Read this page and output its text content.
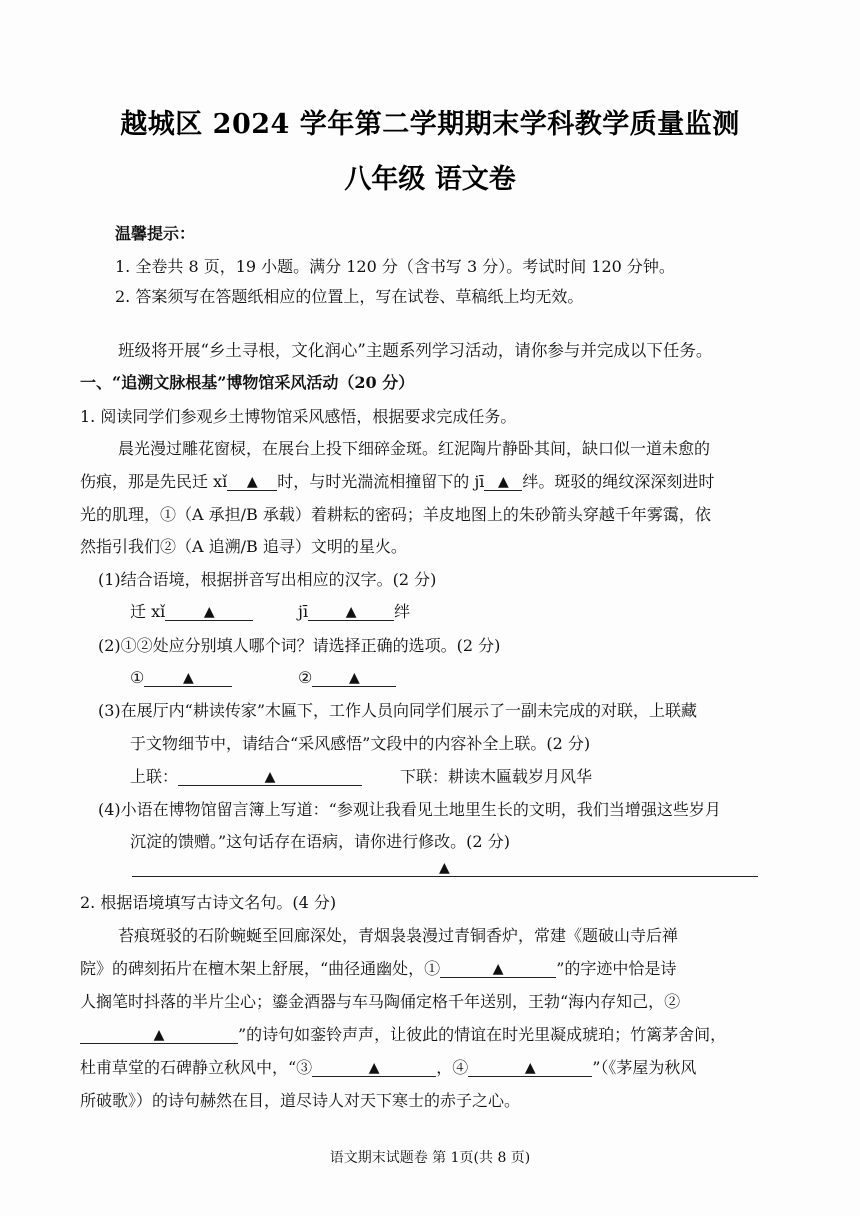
越城区 2024 学年第二学期期末学科教学质量监测
八年级 语文卷
温馨提示：
1. 全卷共 8 页，19 小题。满分 120 分（含书写 3 分）。考试时间 120 分钟。
2. 答案须写在答题纸相应的位置上，写在试卷、草稿纸上均无效。
班级将开展“乡土寻根，文化润心”主题系列学习活动，请你参与并完成以下任务。
一、“追溯文脉根基”博物馆采风活动（20 分）
1. 阅读同学们参观乡土博物馆采风感悟，根据要求完成任务。
晨光漫过雕花窗棂，在展台上投下细碎金斑。红泥陶片静卧其间，缺口似一道未愈的
伤痕，那是先民迁 xǐ ▲ 时，与时光湍流相撞留下的 jī ▲ 绊。斑驳的绳纹深深刻进时
光的肌理，①（A 承担/B 承载）着耕耘的密码；羊皮地图上的朱砂箭头穿越千年雾霭，依
然指引我们②（A 追溯/B 追寻）文明的星火。
(1)结合语境，根据拼音写出相应的汉字。(2 分)
迁 xǐ	▲	jī	▲ 绊
(2)①②处应分别填人哪个词？请选择正确的选项。(2 分)
①	▲	②	▲
(3)在展厅内“耕读传家”木匾下，工作人员向同学们展示了一副未完成的对联，上联藏
于文物细节中，请结合“采风感悟”文段中的内容补全上联。(2 分)
上联：	▲	下联：耕读木匾载岁月风华
(4)小语在博物馆留言簿上写道：“参观让我看见土地里生长的文明，我们当增强这些岁月
沉淀的馈赠。”这句话存在语病，请你进行修改。(2 分)
▲
2. 根据语境填写古诗文名句。(4 分)
苔痕斑驳的石阶蜿蜒至回廊深处，青烟袅袅漫过青铜香炉，常建《题破山寺后禅
院》的碑刻拓片在檀木架上舒展，“曲径通幽处，①	▲	”的字迹中恰是诗
人搁笔时抖落的半片尘心；鎏金酒器与车马陶俑定格千年送别，王勃“海内存知己，②
▲	”的诗句如銮铃声声，让彼此的情谊在时光里凝成琥珀；竹篱茅舍间，
杜甫草堂的石碑静立秋风中，“③	▲	，④	▲	”（《茅屋为秋风
所破歌》）的诗句赫然在目，道尽诗人对天下寒士的赤子之心。
语文期末试题卷 第 1页(共 8 页)
